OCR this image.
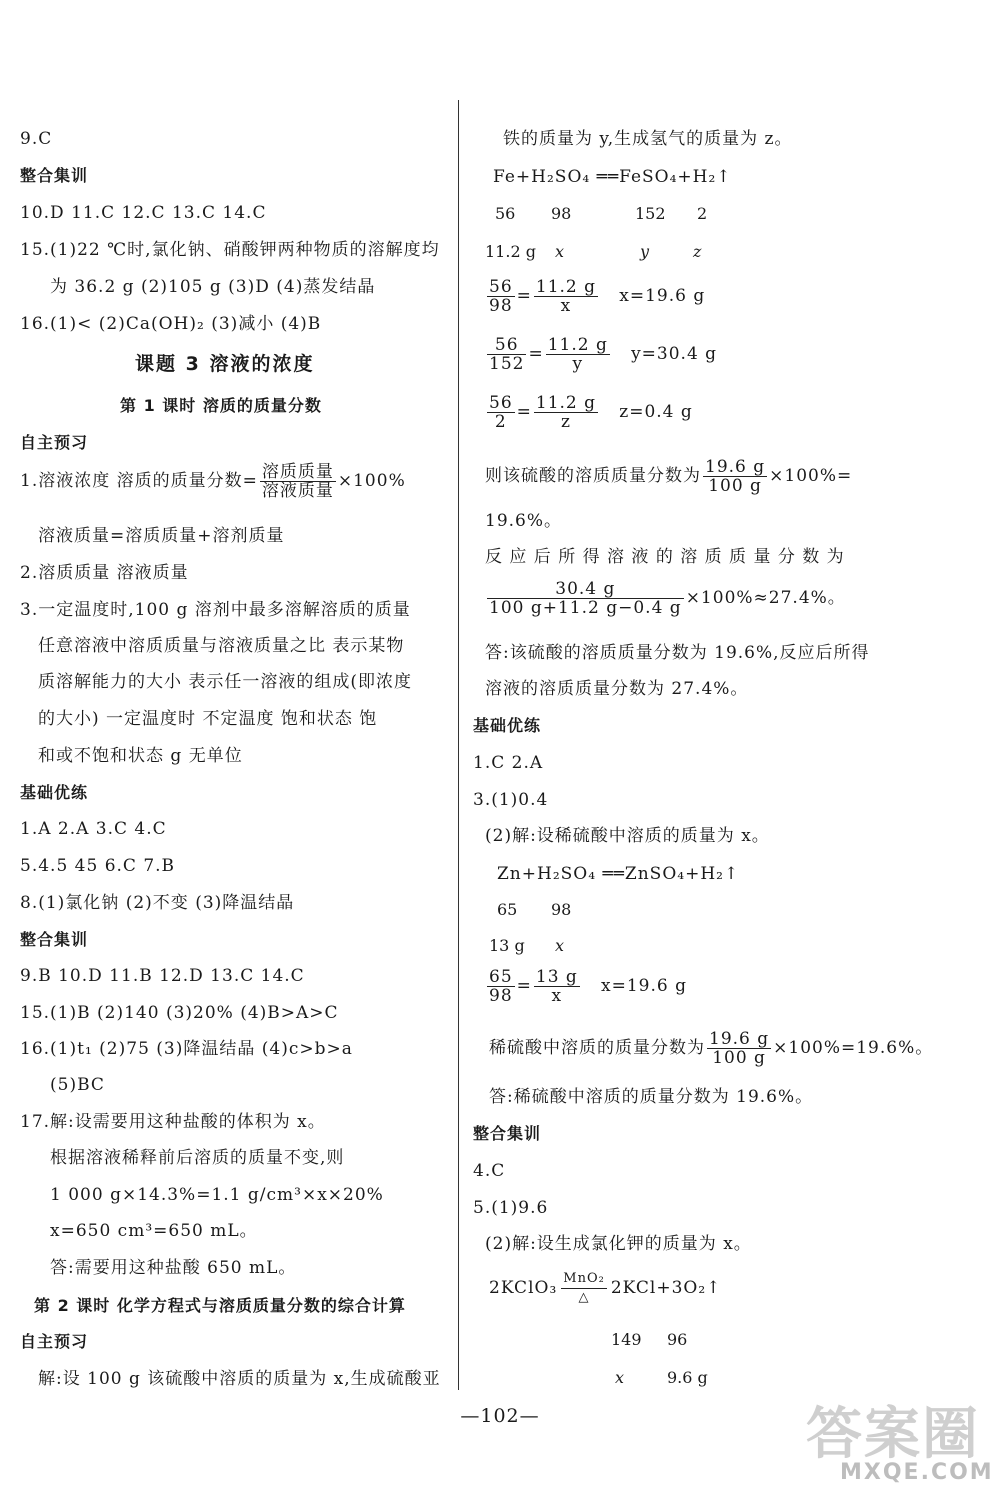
9.C
整合集训
10.D 11.C 12.C 13.C 14.C
15.(1)22 ℃时,氯化钠、硝酸钾两种物质的溶解度均
为 36.2 g (2)105 g (3)D (4)蒸发结晶
16.(1)< (2)Ca(OH)₂ (3)减小 (4)B
课题 3 溶液的浓度
第 1 课时 溶质的质量分数
自主预习
1.溶液浓度 溶质的质量分数= $\frac{\text{溶质质量}}{\text{溶液质量}} \times 100\%$
溶液质量=溶质质量+溶剂质量
2.溶质质量 溶液质量
3.一定温度时,100 g 溶剂中最多溶解溶质的质量
任意溶液中溶质质量与溶液质量之比 表示某物
质溶解能力的大小 表示任一溶液的组成(即浓度
的大小) 一定温度时 不定温度 饱和状态 饱
和或不饱和状态 g 无单位
基础优练
1.A 2.A 3.C 4.C
5.4.5 45 6.C 7.B
8.(1)氯化钠 (2)不变 (3)降温结晶
整合集训
9.B 10.D 11.B 12.D 13.C 14.C
15.(1)B (2)140 (3)20% (4)B>A>C
16.(1)t₁ (2)75 (3)降温结晶 (4)c>b>a
(5)BC
17.解:设需要用这种盐酸的体积为 x。
根据溶液稀释前后溶质的质量不变,则
1 000 g×14.3%=1.1 g/cm³×x×20%
x=650 cm³=650 mL。
答:需要用这种盐酸 650 mL。
第 2 课时 化学方程式与溶质质量分数的综合计算
自主预习
解:设 100 g 该硫酸中溶质的质量为 x,生成硫酸亚
铁的质量为 y,生成氢气的质量为 z。
Fe+H₂SO₄ ══FeSO₄+H₂↑
56 98	152 2
11.2 g x	y	z
$\frac{56}{98} = \frac{11.2 g}{x} x=19.6$ g
$\frac{56}{152} = \frac{11.2 g}{y} y=30.4$ g
$\frac{56}{2} = \frac{11.2 g}{z} z=0.4$ g
则该硫酸的溶质质量分数为 $\frac{19.6 g}{100 g} \times 100\%=$
19.6%。
反 应 后 所 得 溶 液 的 溶 质 质 量 分 数 为
$\frac{30.4 g}{100 g+11.2 g-0.4 g} \times 100\%\approx 27.4\%$。
答:该硫酸的溶质质量分数为 19.6%,反应后所得
溶液的溶质质量分数为 27.4%。
基础优练
1.C 2.A
3.(1)0.4
(2)解:设稀硫酸中溶质的质量为 x。
Zn+H₂SO₄ ══ZnSO₄+H₂↑
65 98
13 g x
$\frac{65}{98} = \frac{13 g}{x} x=19.6$ g
稀硫酸中溶质的质量分数为 $\frac{19.6 g}{100 g} \times 100\%=19.6\%$。
答:稀硫酸中溶质的质量分数为 19.6%。
整合集训
4.C
5.(1)9.6
(2)解:设生成氯化钾的质量为 x。
2KClO₃ $\frac{\text{MnO₂}}{\triangle}$ 2KCl+3O₂↑
149 96
x	9.6 g
—102—	答案圈
MXQE.COM
